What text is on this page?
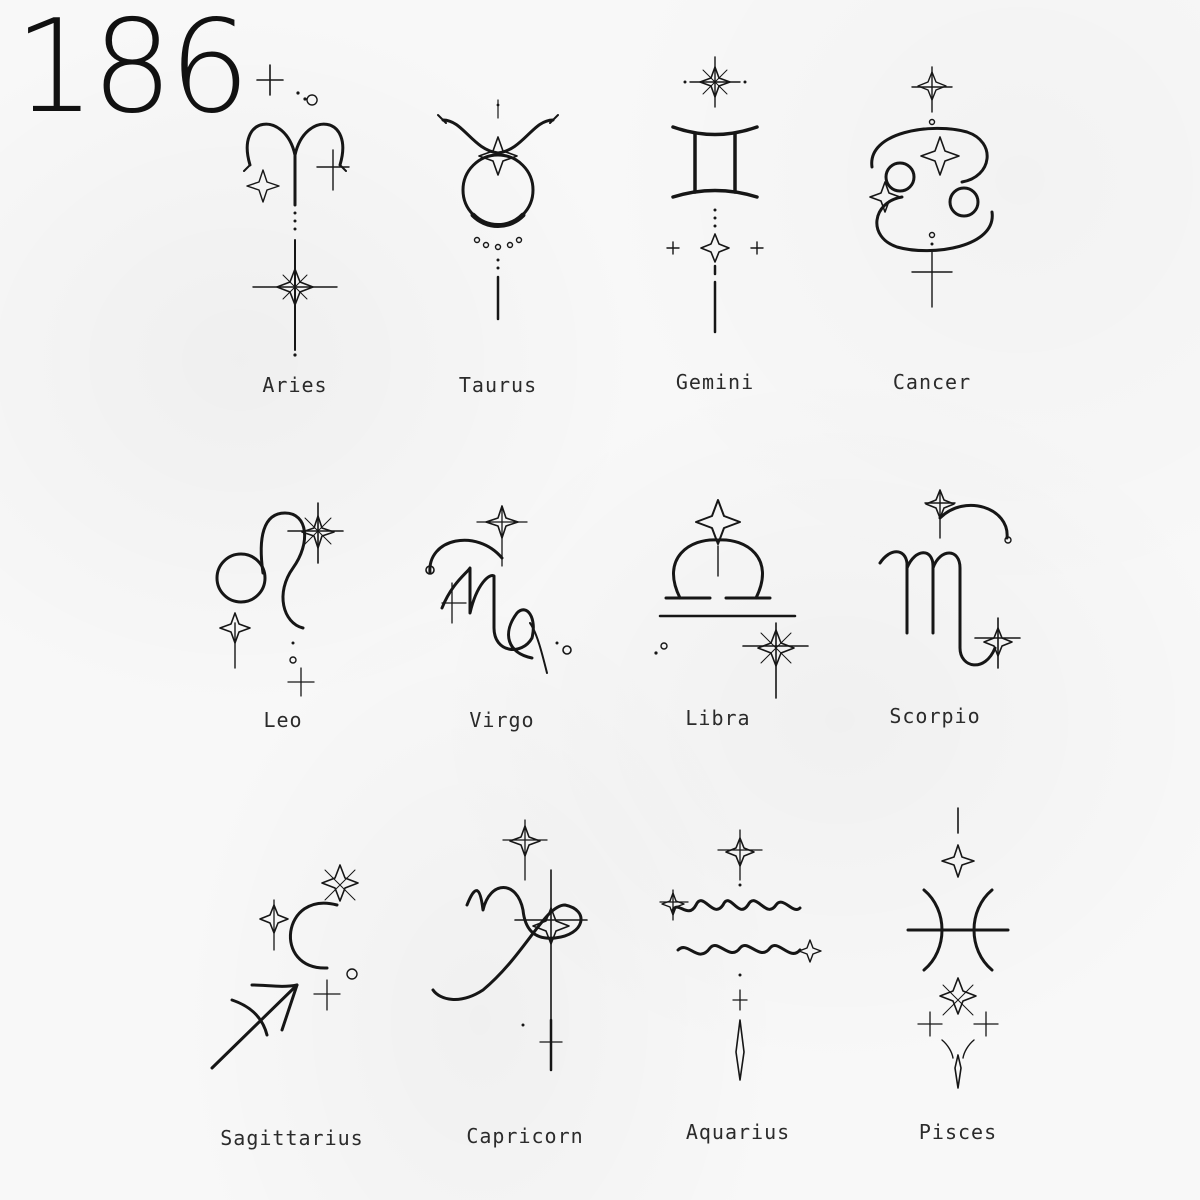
186
Aries	Taurus	Gemini	Cancer
Leo	Virgo	Libra	Scorpio
Sagittarius	Capricorn	Aquarius	Pisces
